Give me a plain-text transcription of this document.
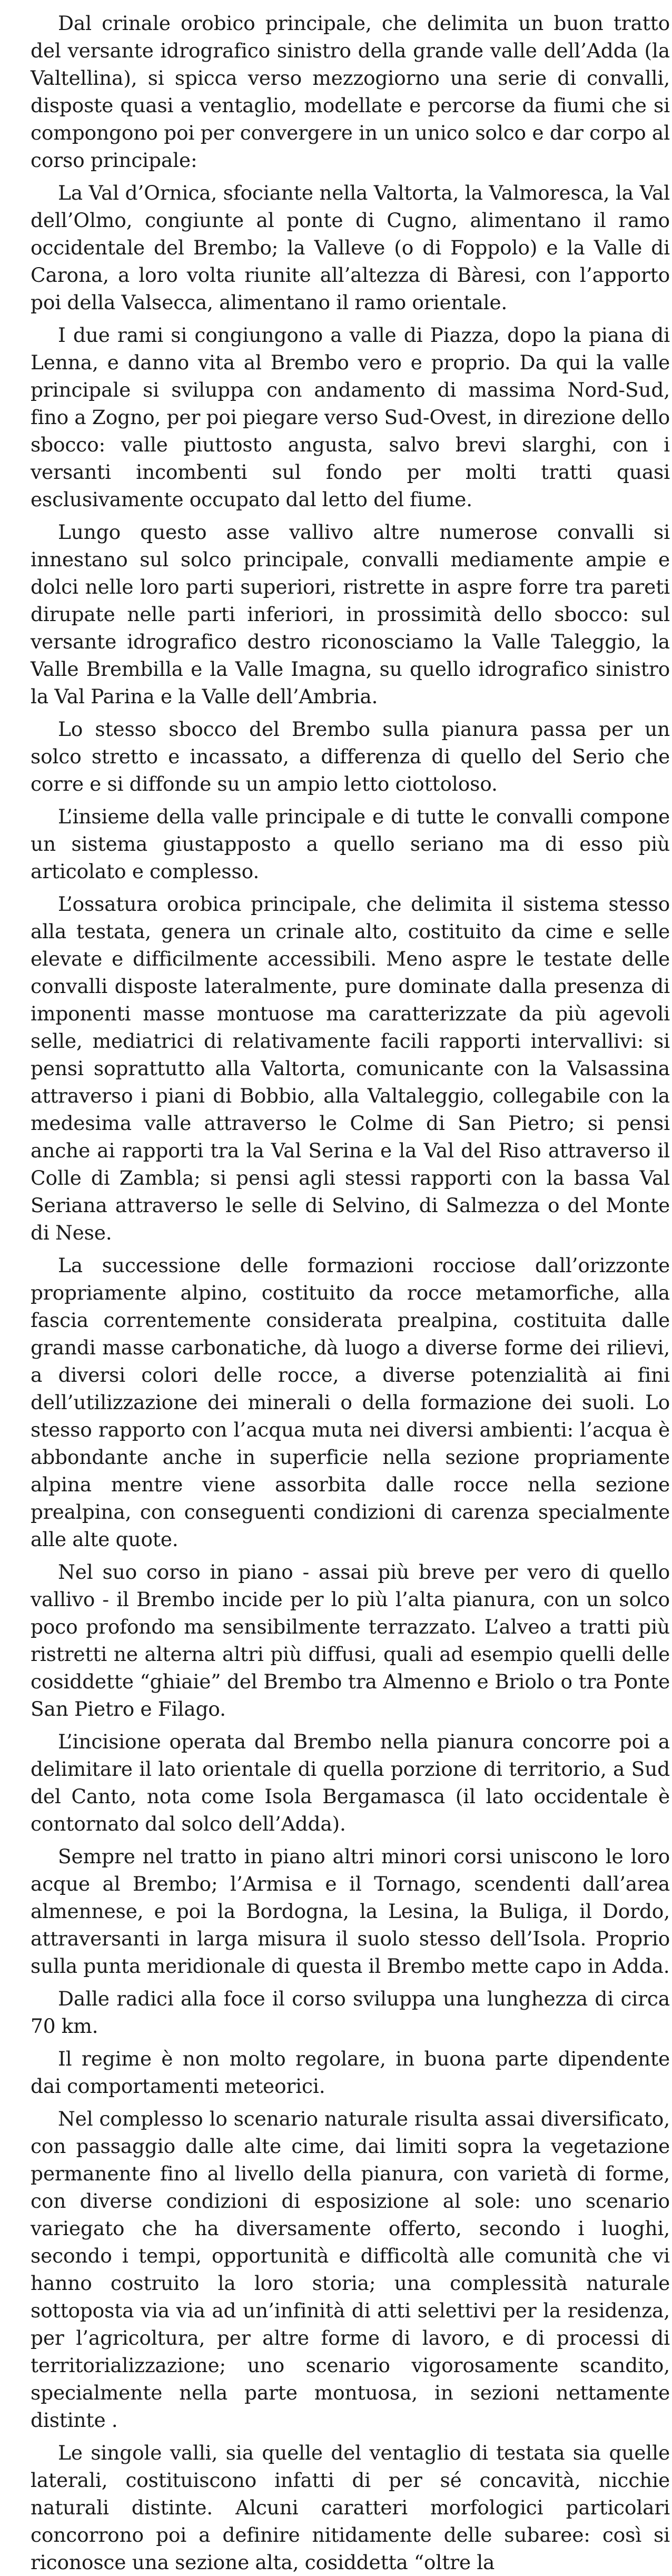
Dal crinale orobico principale, che delimita un buon tratto del versante idrografico sinistro della grande valle dell’Adda (la Valtellina), si spicca verso mezzogiorno una serie di convalli, disposte quasi a ventaglio, modellate e percorse da fiumi che si compongono poi per convergere in un unico solco e dar corpo al corso principale:

La Val d’Ornica, sfociante nella Valtorta, la Valmoresca, la Val dell’Olmo, congiunte al ponte di Cugno, alimentano il ramo occidentale del Brembo; la Valleve (o di Foppolo) e la Valle di Carona, a loro volta riunite all’altezza di Bàresi, con l’apporto poi della Valsecca, alimentano il ramo orientale.

I due rami si congiungono a valle di Piazza, dopo la piana di Lenna, e danno vita al Brembo vero e proprio. Da qui la valle principale si sviluppa con andamento di massima Nord-Sud, fino a Zogno, per poi piegare verso Sud-Ovest, in direzione dello sbocco: valle piuttosto angusta, salvo brevi slarghi, con i versanti incombenti sul fondo per molti tratti quasi esclusivamente occupato dal letto del fiume.

Lungo questo asse vallivo altre numerose convalli si innestano sul solco principale, convalli mediamente ampie e dolci nelle loro parti superiori, ristrette in aspre forre tra pareti dirupate nelle parti inferiori, in prossimità dello sbocco: sul versante idrografico destro riconosciamo la Valle Taleggio, la Valle Brembilla e la Valle Imagna, su quello idrografico sinistro la Val Parina e la Valle dell’Ambria.

Lo stesso sbocco del Brembo sulla pianura passa per un solco stretto e incassato, a differenza di quello del Serio che corre e si diffonde su un ampio letto ciottoloso.

L’insieme della valle principale e di tutte le convalli compone un sistema giustapposto a quello seriano ma di esso più articolato e complesso.

L’ossatura orobica principale, che delimita il sistema stesso alla testata, genera un crinale alto, costituito da cime e selle elevate e difficilmente accessibili. Meno aspre le testate delle convalli disposte lateralmente, pure dominate dalla presenza di imponenti masse montuose ma caratterizzate da più agevoli selle, mediatrici di relativamente facili rapporti intervallivi: si pensi soprattutto alla Valtorta, comunicante con la Valsassina attraverso i piani di Bobbio, alla Valtaleggio, collegabile con la medesima valle attraverso le Colme di San Pietro; si pensi anche ai rapporti tra la Val Serina e la Val del Riso attraverso il Colle di Zambla; si pensi agli stessi rapporti con la bassa Val Seriana attraverso le selle di Selvino, di Salmezza o del Monte di Nese.

La successione delle formazioni rocciose dall’orizzonte propriamente alpino, costituito da rocce metamorfiche, alla fascia correntemente considerata prealpina, costituita dalle grandi masse carbonatiche, dà luogo a diverse forme dei rilievi, a diversi colori delle rocce, a diverse potenzialità ai fini dell’utilizzazione dei minerali o della formazione dei suoli. Lo stesso rapporto con l’acqua muta nei diversi ambienti: l’acqua è abbondante anche in superficie nella sezione propriamente alpina mentre viene assorbita dalle rocce nella sezione prealpina, con conseguenti condizioni di carenza specialmente alle alte quote.

Nel suo corso in piano - assai più breve per vero di quello vallivo - il Brembo incide per lo più l’alta pianura, con un solco poco profondo ma sensibilmente terrazzato. L’alveo a tratti più ristretti ne alterna altri più diffusi, quali ad esempio quelli delle cosiddette “ghiaie” del Brembo tra Almenno e Briolo o tra Ponte San Pietro e Filago.

L’incisione operata dal Brembo nella pianura concorre poi a delimitare il lato orientale di quella porzione di territorio, a Sud del Canto, nota come Isola Bergamasca (il lato occidentale è contornato dal solco dell’Adda).

Sempre nel tratto in piano altri minori corsi uniscono le loro acque al Brembo; l’Armisa e il Tornago, scendenti dall’area almennese, e poi la Bordogna, la Lesina, la Buliga, il Dordo, attraversanti in larga misura il suolo stesso dell’Isola. Proprio sulla punta meridionale di questa il Brembo mette capo in Adda.

Dalle radici alla foce il corso sviluppa una lunghezza di circa 70 km.

Il regime è non molto regolare, in buona parte dipendente dai comportamenti meteorici.

Nel complesso lo scenario naturale risulta assai diversificato, con passaggio dalle alte cime, dai limiti sopra la vegetazione permanente fino al livello della pianura, con varietà di forme, con diverse condizioni di esposizione al sole: uno scenario variegato che ha diversamente offerto, secondo i luoghi, secondo i tempi, opportunità e difficoltà alle comunità che vi hanno costruito la loro storia; una complessità naturale sottoposta via via ad un’infinità di atti selettivi per la residenza, per l’agricoltura, per altre forme di lavoro, e di processi di territorializzazione; uno scenario vigorosamente scandito, specialmente nella parte montuosa, in sezioni nettamente distinte .

Le singole valli, sia quelle del ventaglio di testata sia quelle laterali, costituiscono infatti di per sé concavità, nicchie naturali distinte. Alcuni caratteri morfologici particolari concorrono poi a definire nitidamente delle subaree: così si riconosce una sezione alta, cosiddetta “oltre la
